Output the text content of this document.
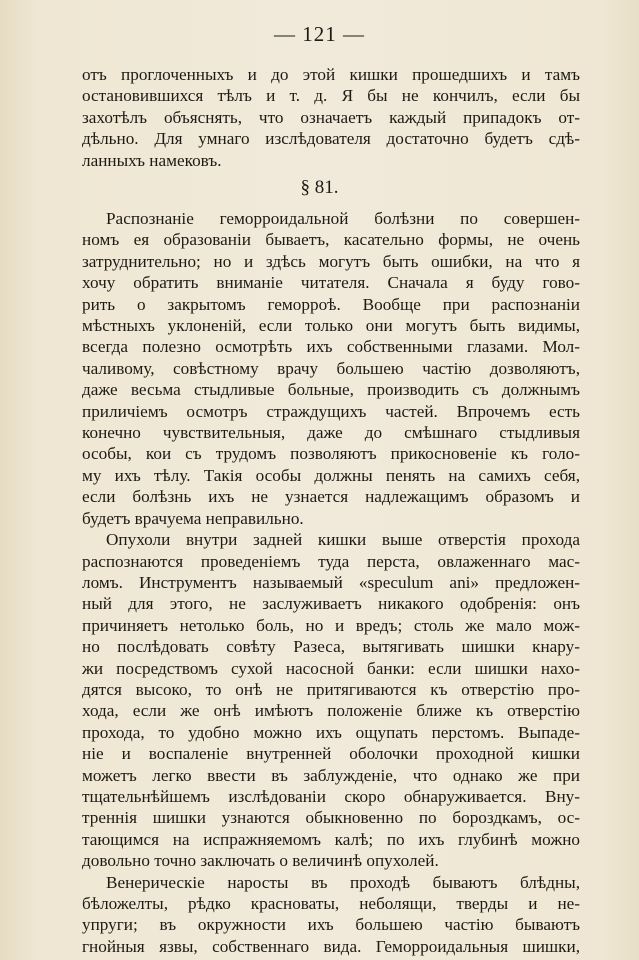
— 121 —
отъ проглоченныхъ и до этой кишки прошедшихъ и тамъ
остановившихся тѣлъ и т. д. Я бы не кончилъ, если бы
захотѣлъ объяснять, что означаетъ каждый припадокъ от-
дѣльно. Для умнаго изслѣдователя достаточно будетъ сдѣ-
ланныхъ намековъ.
§ 81.
Распознаніе геморроидальной болѣзни по совершен-
номъ ея образованіи бываетъ, касательно формы, не очень
затруднительно; но и здѣсь могутъ быть ошибки, на что я
хочу обратить вниманіе читателя. Сначала я буду гово-
рить о закрытомъ геморроѣ. Вообще при распознаніи
мѣстныхъ уклоненій, если только они могутъ быть видимы,
всегда полезно осмотрѣть ихъ собственными глазами. Мол-
чаливому, совѣстному врачу большею частію дозволяютъ,
даже весьма стыдливые больные, производить съ должнымъ
приличіемъ осмотръ страждущихъ частей. Впрочемъ есть
конечно чувствительныя, даже до смѣшнаго стыдливыя
особы, кои съ трудомъ позволяютъ прикосновеніе къ голо-
му ихъ тѣлу. Такія особы должны пенять на самихъ себя,
если болѣзнь ихъ не узнается надлежащимъ образомъ и
будетъ врачуема неправильно.
Опухоли внутри задней кишки выше отверстія прохода
распознаются проведеніемъ туда перста, овлаженнаго мас-
ломъ. Инструментъ называемый «speculum ani» предложен-
ный для этого, не заслуживаетъ никакого одобренія: онъ
причиняетъ нетолько боль, но и вредъ; столь же мало мож-
но послѣдовать совѣту Разеса, вытягивать шишки кнару-
жи посредствомъ сухой насосной банки: если шишки нахо-
дятся высоко, то онѣ не притягиваются къ отверстію про-
хода, если же онѣ имѣютъ положеніе ближе къ отверстію
прохода, то удобно можно ихъ ощупать перстомъ. Выпаде-
ніе и воспаленіе внутренней оболочки проходной кишки
можетъ легко ввести въ заблужденіе, что однако же при
тщательнѣйшемъ изслѣдованіи скоро обнаруживается. Вну-
треннія шишки узнаются обыкновенно по бороздкамъ, ос-
тающимся на испражняемомъ калѣ; по ихъ глубинѣ можно
довольно точно заключать о величинѣ опухолей.
Венерическіе наросты въ проходѣ бываютъ блѣдны,
бѣложелты, рѣдко красноваты, неболящи, тверды и не-
упруги; въ окружности ихъ большею частію бываютъ
гнойныя язвы, собственнаго вида. Геморроидальныя шишки,
